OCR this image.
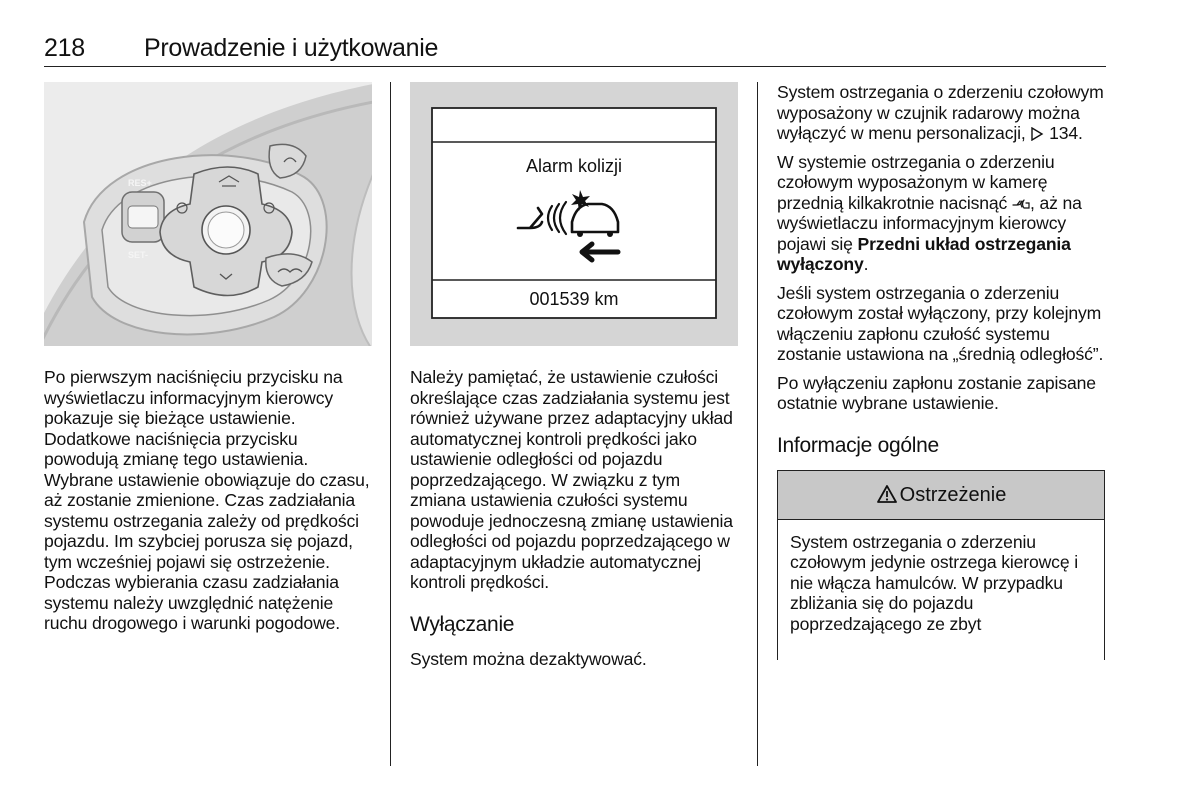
218 Prowadzenie i użytkowanie
RES+
SET-

Po pierwszym naciśnięciu przycisku na wyświetlaczu informacyjnym kierowcy pokazuje się bieżące ustawienie. Dodatkowe naciśnięcia przycisku powodują zmianę tego ustawienia. Wybrane ustawienie obowiązuje do czasu, aż zostanie zmienione. Czas zadziałania systemu ostrzegania zależy od prędkości pojazdu. Im szybciej porusza się pojazd, tym wcześniej pojawi się ostrzeżenie. Podczas wybierania czasu zadziałania systemu należy uwzględnić natężenie ruchu drogowego i warunki pogodowe.

Alarm kolizji
001539 km

Należy pamiętać, że ustawienie czułości określające czas zadziałania systemu jest również używane przez adaptacyjny układ automatycznej kontroli prędkości jako ustawienie odległości od pojazdu poprzedzającego. W związku z tym zmiana ustawienia czułości systemu powoduje jednoczesną zmianę ustawienia odległości od pojazdu poprzedzającego w adaptacyjnym układzie automatycznej kontroli prędkości.

Wyłączanie

System można dezaktywować.

System ostrzegania o zderzeniu czołowym wyposażony w czujnik radarowy można wyłączyć w menu personalizacji, 134.

W systemie ostrzegania o zderzeniu czołowym wyposażonym w kamerę przednią kilkakrotnie nacisnąć , aż na wyświetlaczu informacyjnym kierowcy pojawi się Przedni układ ostrzegania wyłączony.

Jeśli system ostrzegania o zderzeniu czołowym został wyłączony, przy kolejnym włączeniu zapłonu czułość systemu zostanie ustawiona na „średnią odległość”.

Po wyłączeniu zapłonu zostanie zapisane ostatnie wybrane ustawienie.

Informacje ogólne
Ostrzeżenie
System ostrzegania o zderzeniu czołowym jedynie ostrzega kierowcę i nie włącza hamulców. W przypadku zbliżania się do pojazdu poprzedzającego ze zbyt
